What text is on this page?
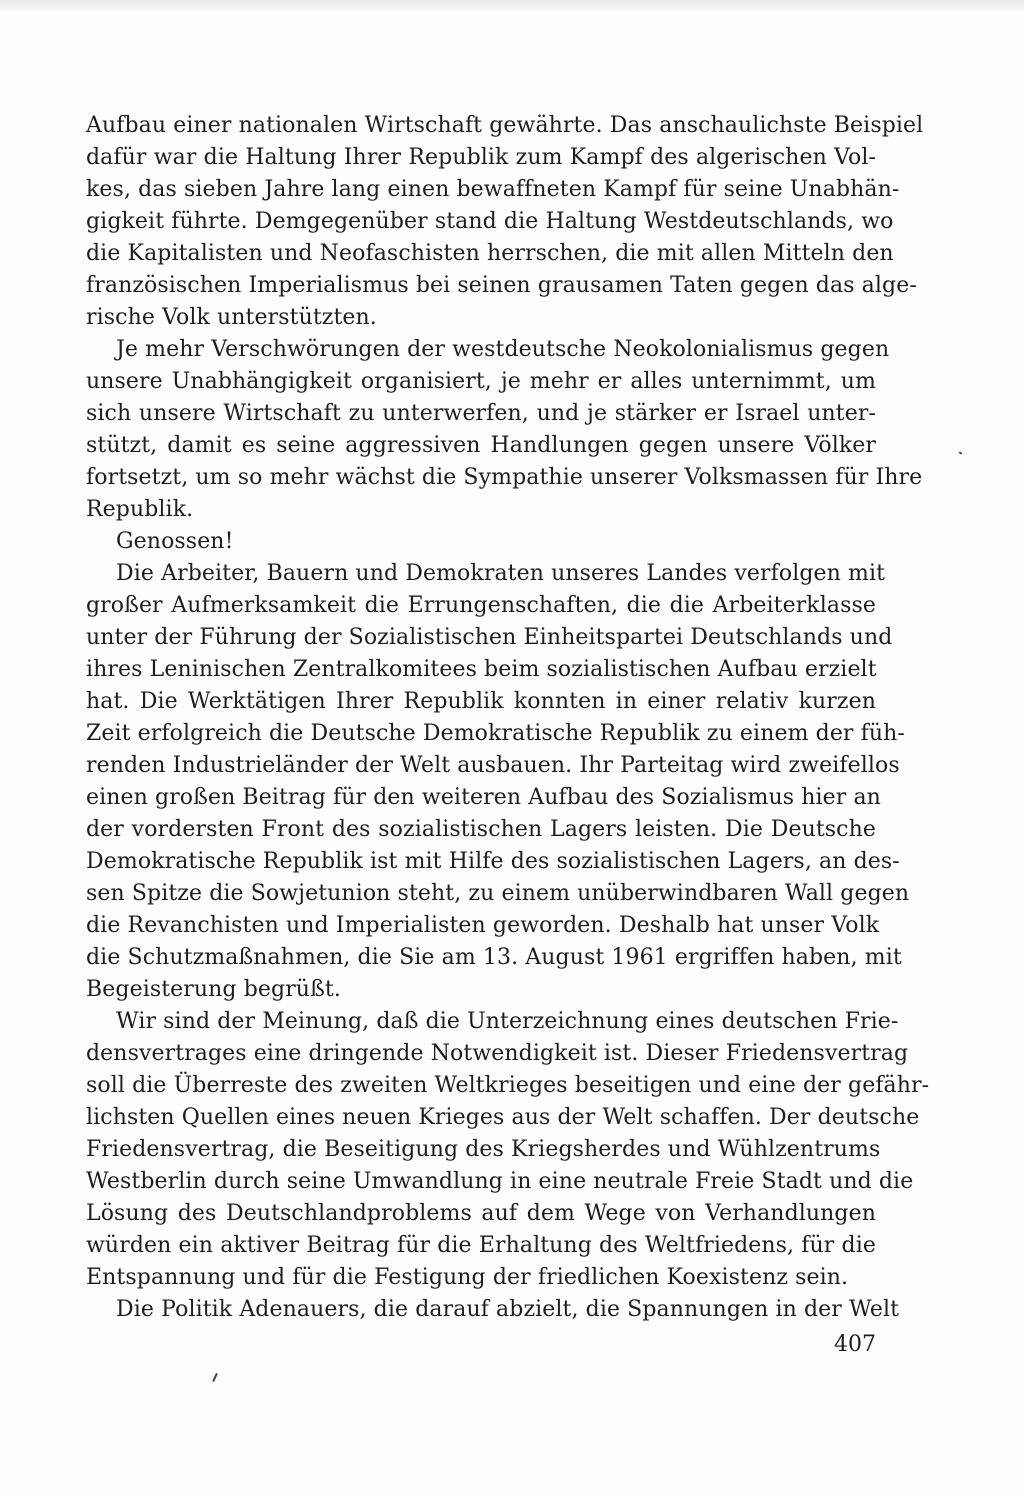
Aufbau einer nationalen Wirtschaft gewährte. Das anschaulichste Beispiel
dafür war die Haltung Ihrer Republik zum Kampf des algerischen Vol-
kes, das sieben Jahre lang einen bewaffneten Kampf für seine Unabhän-
gigkeit führte. Demgegenüber stand die Haltung Westdeutschlands, wo
die Kapitalisten und Neofaschisten herrschen, die mit allen Mitteln den
französischen Imperialismus bei seinen grausamen Taten gegen das alge-
rische Volk unterstützten.
Je mehr Verschwörungen der westdeutsche Neokolonialismus gegen
unsere Unabhängigkeit organisiert, je mehr er alles unternimmt, um
sich unsere Wirtschaft zu unterwerfen, und je stärker er Israel unter-
stützt, damit es seine aggressiven Handlungen gegen unsere Völker
fortsetzt, um so mehr wächst die Sympathie unserer Volksmassen für Ihre
Republik.
Genossen!
Die Arbeiter, Bauern und Demokraten unseres Landes verfolgen mit
großer Aufmerksamkeit die Errungenschaften, die die Arbeiterklasse
unter der Führung der Sozialistischen Einheitspartei Deutschlands und
ihres Leninischen Zentralkomitees beim sozialistischen Aufbau erzielt
hat. Die Werktätigen Ihrer Republik konnten in einer relativ kurzen
Zeit erfolgreich die Deutsche Demokratische Republik zu einem der füh-
renden Industrieländer der Welt ausbauen. Ihr Parteitag wird zweifellos
einen großen Beitrag für den weiteren Aufbau des Sozialismus hier an
der vordersten Front des sozialistischen Lagers leisten. Die Deutsche
Demokratische Republik ist mit Hilfe des sozialistischen Lagers, an des-
sen Spitze die Sowjetunion steht, zu einem unüberwindbaren Wall gegen
die Revanchisten und Imperialisten geworden. Deshalb hat unser Volk
die Schutzmaßnahmen, die Sie am 13. August 1961 ergriffen haben, mit
Begeisterung begrüßt.
Wir sind der Meinung, daß die Unterzeichnung eines deutschen Frie-
densvertrages eine dringende Notwendigkeit ist. Dieser Friedensvertrag
soll die Überreste des zweiten Weltkrieges beseitigen und eine der gefähr-
lichsten Quellen eines neuen Krieges aus der Welt schaffen. Der deutsche
Friedensvertrag, die Beseitigung des Kriegsherdes und Wühlzentrums
Westberlin durch seine Umwandlung in eine neutrale Freie Stadt und die
Lösung des Deutschlandproblems auf dem Wege von Verhandlungen
würden ein aktiver Beitrag für die Erhaltung des Weltfriedens, für die
Entspannung und für die Festigung der friedlichen Koexistenz sein.
Die Politik Adenauers, die darauf abzielt, die Spannungen in der Welt
407
